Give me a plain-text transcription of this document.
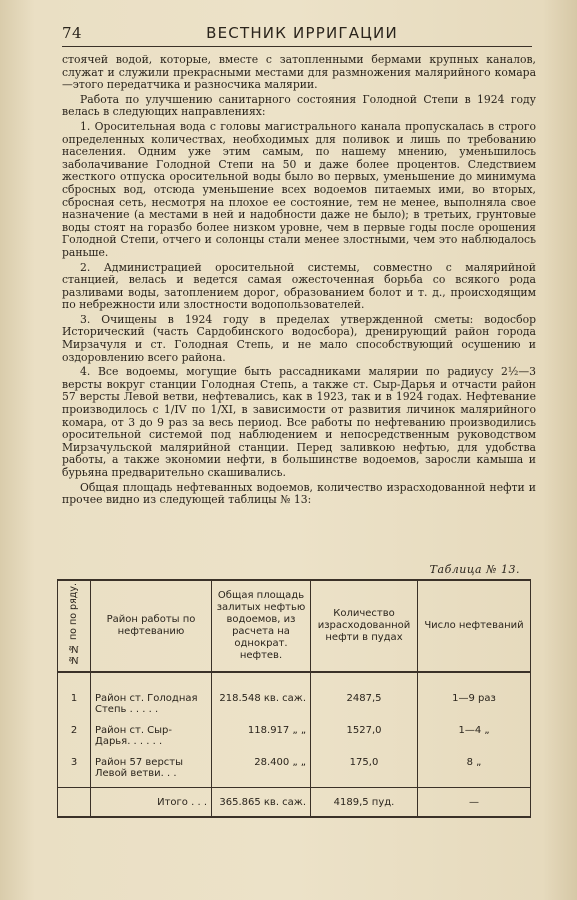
74	ВЕСТНИК ИРРИГАЦИИ

стоячей водой, которые, вместе с затопленными бермами крупных каналов, служат и служили прекрасными местами для размножения малярийного комара—этого передатчика и разносчика малярии.

Работа по улучшению санитарного состояния Голодной Степи в 1924 году велась в следующих направлениях:

1. Оросительная вода с головы магистрального канала пропускалась в строго определенных количествах, необходимых для поливок и лишь по требованию населения. Одним уже этим самым, по нашему мнению, уменьшилось заболачивание Голодной Степи на 50 и даже более процентов. Следствием жесткого отпуска оросительной воды было во первых, уменьшение до минимума сбросных вод, отсюда уменьшение всех водоемов питаемых ими, во вторых, сбросная сеть, несмотря на плохое ее состояние, тем не менее, выполняла свое назначение (а местами в ней и надобности даже не было); в третьих, грунтовые воды стоят на горазбо более низком уровне, чем в первые годы после орошения Голодной Степи, отчего и солонцы стали менее злостными, чем это наблюдалось раньше.

2. Администрацией оросительной системы, совместно с малярийной станцией, велась и ведется самая ожесточенная борьба со всякого рода разливами воды, затоплением дорог, образованием болот и т. д., происходящим по небрежности или злостности водопользователей.

3. Очищены в 1924 году в пределах утвержденной сметы: водосбор Исторический (часть Сардобинского водосбора), дренирующий район города Мирзачуля и ст. Голодная Степь, и не мало способствующий осушению и оздоровлению всего района.

4. Все водоемы, могущие быть рассадниками малярии по радиусу 2½—3 версты вокруг станции Голодная Степь, а также ст. Сыр-Дарья и отчасти район 57 версты Левой ветви, нефтевались, как в 1923, так и в 1924 годах. Нефтевание производилось с 1/IV по 1/XI, в зависимости от развития личинок малярийного комара, от 3 до 9 раз за весь период. Все работы по нефтеванию производились оросительной системой под наблюдением и непосредственным руководством Мирзачульской малярийной станции. Перед заливкою нефтью, для удобства работы, а также экономии нефти, в большинстве водоемов, заросли камыша и бурьяна предварительно скашивались.

Общая площадь нефтеванных водоемов, количество израсходованной нефти и прочее видно из следующей таблицы № 13:

Таблица № 13.
№№ по по ряду.	Район работы по нефтеванию	Общая площадь залитых нефтью водоемов, из расчета на однократ. нефтев.	Количество израсходованной нефти в пудах	Число нефтеваний

1	Район ст. Голодная Степь . . . . .	218.548 кв. саж.	2487,5	1—9 раз
2	Район ст. Сыр-Дарья. . . . . .	118.917 „ „	1527,0	1—4 „
3	Район 57 версты Левой ветви. . .	28.400 „ „	175,0	8 „
	Итого . . .	365.865 кв. саж.	4189,5 пуд.	—
